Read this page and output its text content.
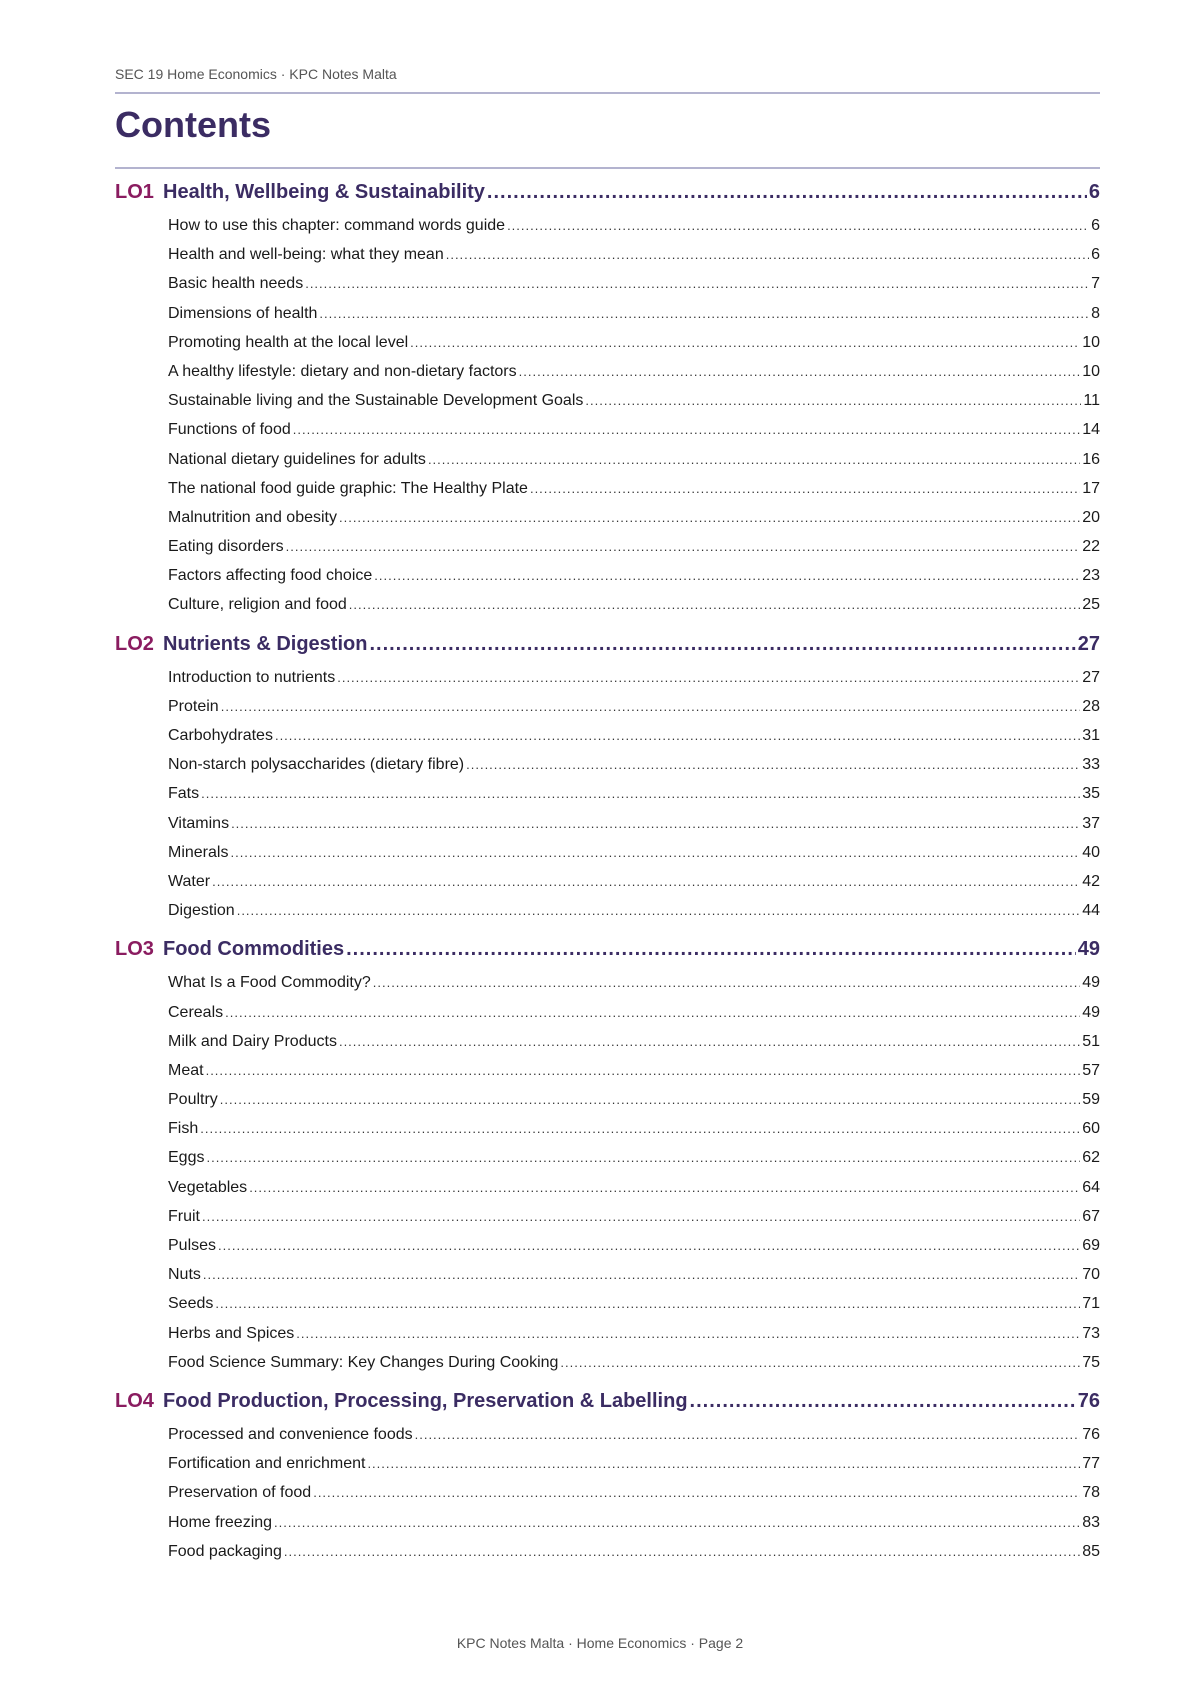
SEC 19 Home Economics · KPC Notes Malta
Contents
LO1 Health, Wellbeing & Sustainability .....	6
How to use this chapter: command words guide .....	6
Health and well-being: what they mean .....	6
Basic health needs .....	7
Dimensions of health .....	8
Promoting health at the local level .....	10
A healthy lifestyle: dietary and non-dietary factors .....	10
Sustainable living and the Sustainable Development Goals .....	11
Functions of food .....	14
National dietary guidelines for adults .....	16
The national food guide graphic: The Healthy Plate .....	17
Malnutrition and obesity .....	20
Eating disorders .....	22
Factors affecting food choice .....	23
Culture, religion and food .....	25
LO2 Nutrients & Digestion .....	27
Introduction to nutrients .....	27
Protein .....	28
Carbohydrates .....	31
Non-starch polysaccharides (dietary fibre) .....	33
Fats .....	35
Vitamins .....	37
Minerals .....	40
Water .....	42
Digestion .....	44
LO3 Food Commodities .....	49
What Is a Food Commodity? .....	49
Cereals .....	49
Milk and Dairy Products .....	51
Meat .....	57
Poultry .....	59
Fish .....	60
Eggs .....	62
Vegetables .....	64
Fruit .....	67
Pulses .....	69
Nuts .....	70
Seeds .....	71
Herbs and Spices .....	73
Food Science Summary: Key Changes During Cooking .....	75
LO4 Food Production, Processing, Preservation & Labelling .....	76
Processed and convenience foods .....	76
Fortification and enrichment .....	77
Preservation of food .....	78
Home freezing .....	83
Food packaging .....	85
KPC Notes Malta · Home Economics · Page 2
